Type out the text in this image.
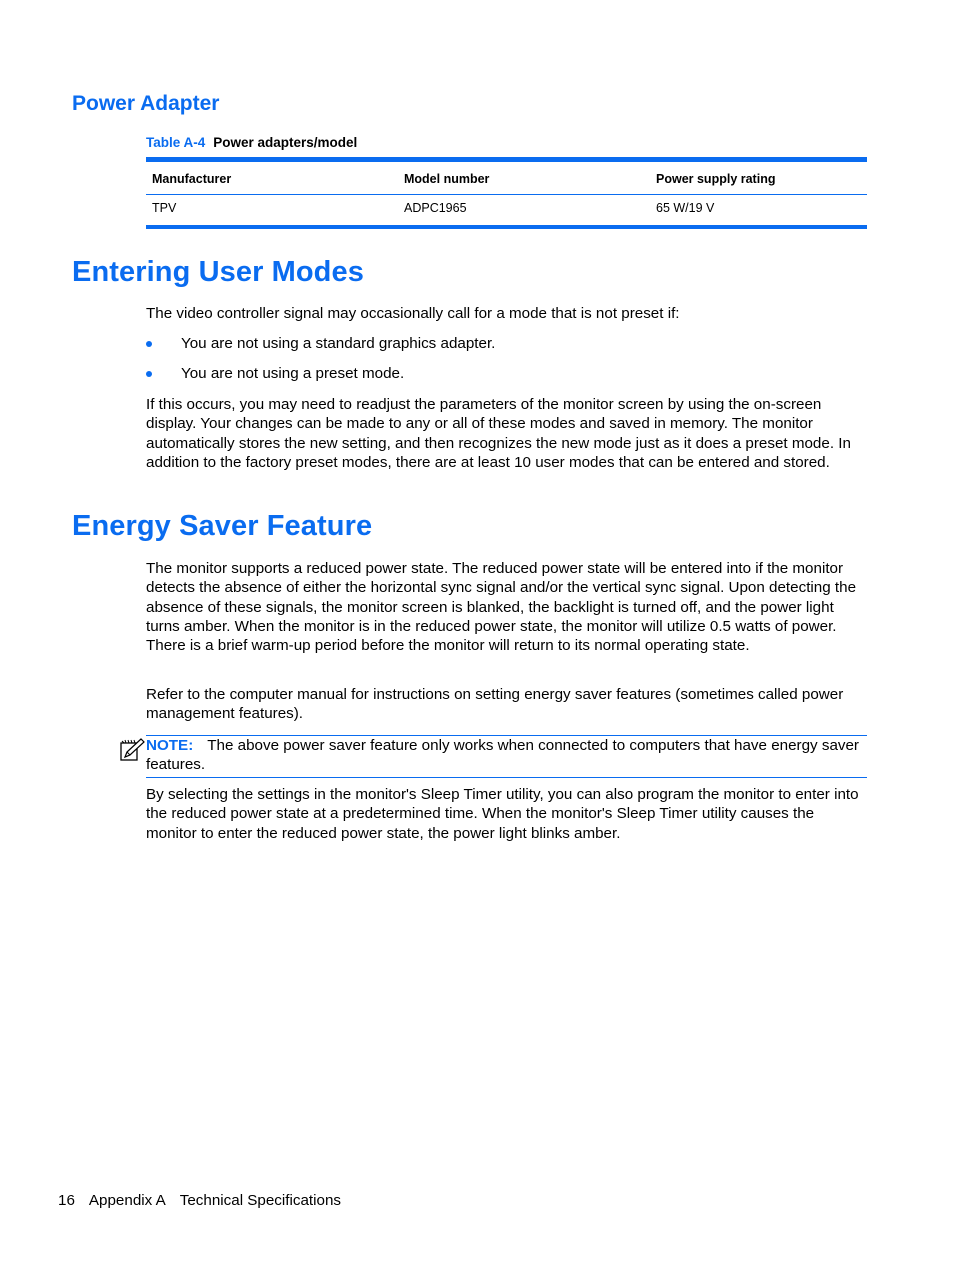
Power Adapter
Table A-4 Power adapters/model
Manufacturer	Model number	Power supply rating
TPV	ADPC1965	65 W/19 V
Entering User Modes

The video controller signal may occasionally call for a mode that is not preset if:

You are not using a standard graphics adapter.
You are not using a preset mode.

If this occurs, you may need to readjust the parameters of the monitor screen by using the on-screen display. Your changes can be made to any or all of these modes and saved in memory. The monitor automatically stores the new setting, and then recognizes the new mode just as it does a preset mode. In addition to the factory preset modes, there are at least 10 user modes that can be entered and stored.

Energy Saver Feature

The monitor supports a reduced power state. The reduced power state will be entered into if the monitor detects the absence of either the horizontal sync signal and/or the vertical sync signal. Upon detecting the absence of these signals, the monitor screen is blanked, the backlight is turned off, and the power light turns amber. When the monitor is in the reduced power state, the monitor will utilize 0.5 watts of power. There is a brief warm-up period before the monitor will return to its normal operating state.

Refer to the computer manual for instructions on setting energy saver features (sometimes called power management features).

NOTE: The above power saver feature only works when connected to computers that have energy saver features.

By selecting the settings in the monitor's Sleep Timer utility, you can also program the monitor to enter into the reduced power state at a predetermined time. When the monitor's Sleep Timer utility causes the monitor to enter the reduced power state, the power light blinks amber.

16 Appendix A Technical Specifications
